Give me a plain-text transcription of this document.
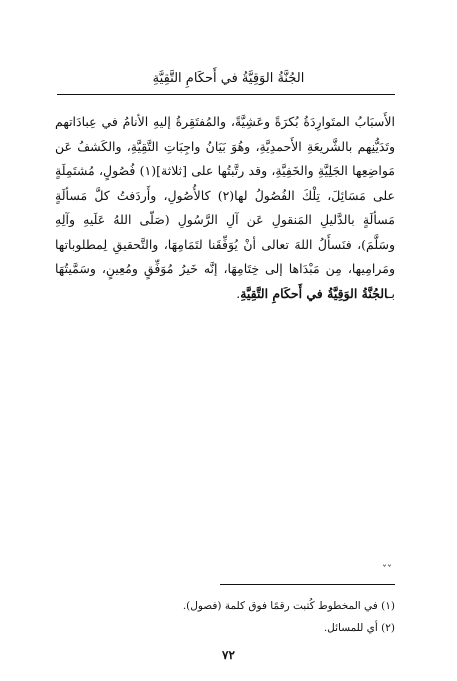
الجُنَّةُ الوَقِيَّةُ في أَحكَامِ التَّقِيَّةِ

الأَسبَابُ المتَوارِدَةُ بُكرَةً وعَشِيَّةً، والمُفتَقِرةُ إليهِ الأنامُ في عِبادَاتهم وتَدَيُّنِهم بالشَّريعَةِ الأَحمدِيَّةِ، وهُوَ بَيَانُ واجِبَاتِ التَّقِيَّةِ، والكَشفُ عَن مَواضِعِها الجَلِيَّةِ والخَفِيَّةِ، وقد رتَّبتُها على [ثلاثة](١) فُصُولٍ، مُشتَمِلَةٍ على مَسَائِلَ، تِلْكَ الفُصُولُ لها(٢) كالأُصُولِ، وأَردَفتُ كلَّ مَسألَةٍ مَسألَةٍ بالدَّليلِ المَنقولِ عَن آلِ الرَّسُولِ (صَلّى اللهُ عَلَيهِ وآلِهِ وسَلَّمَ)، فنَسأَلُ اللهَ تعالى أنْ يُوَفِّقَنا لتَمَامِهَا، والتَّحقيقِ لِمطلوباتها ومَرامِيها، مِن مَبْدَاها إلى خِتَامِهَا، إنَّه خَيرُ مُوَفِّقٍ ومُعِينٍ، وسَمَّيتُهَا بـالجُنَّةُ الوَقِيَّةُ في أَحكَامِ التَّقِيَّةِ.

ˇˇ
(١) في المخطوط كُتبت رقمًا فوق كلمة (فصول).
(٢) أي للمسائل.
٧٢
